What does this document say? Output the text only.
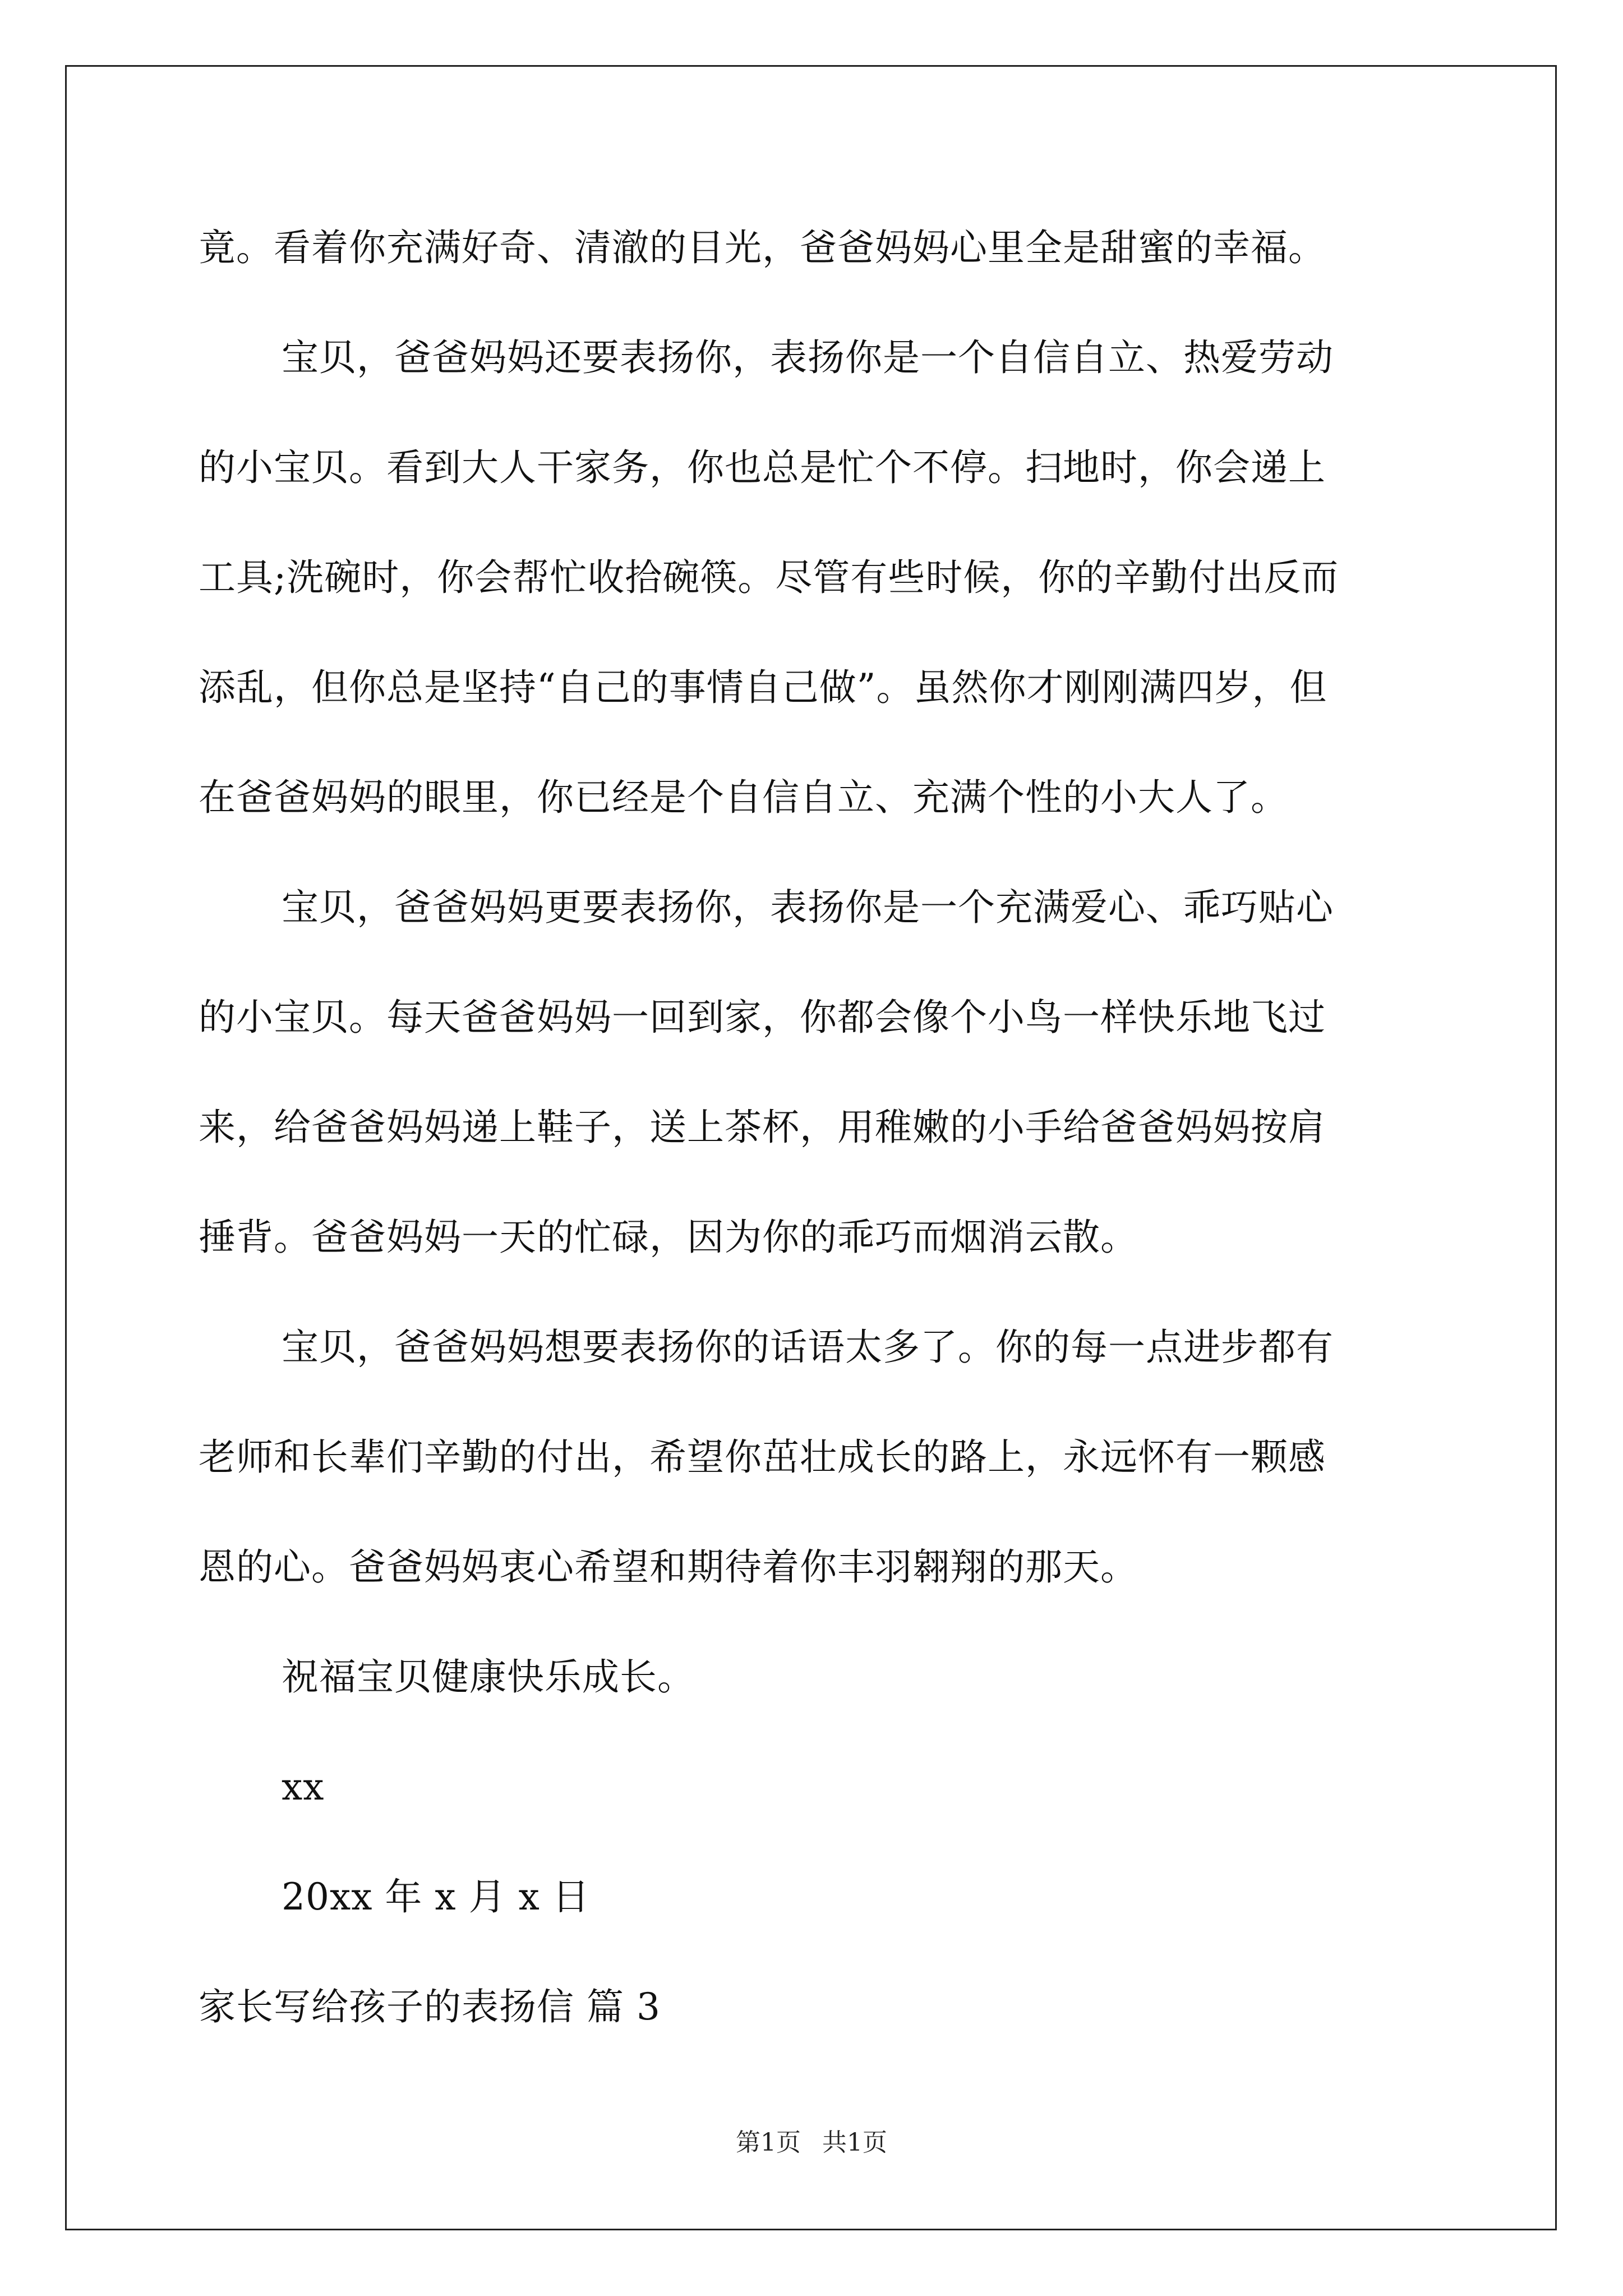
竟。看着你充满好奇、清澈的目光，爸爸妈妈心里全是甜蜜的幸福。
宝贝，爸爸妈妈还要表扬你，表扬你是一个自信自立、热爱劳动
的小宝贝。看到大人干家务，你也总是忙个不停。扫地时，你会递上
工具;洗碗时，你会帮忙收拾碗筷。尽管有些时候，你的辛勤付出反而
添乱，但你总是坚持“自己的事情自己做”。虽然你才刚刚满四岁，但
在爸爸妈妈的眼里，你已经是个自信自立、充满个性的小大人了。
宝贝，爸爸妈妈更要表扬你，表扬你是一个充满爱心、乖巧贴心
的小宝贝。每天爸爸妈妈一回到家，你都会像个小鸟一样快乐地飞过
来，给爸爸妈妈递上鞋子，送上茶杯，用稚嫩的小手给爸爸妈妈按肩
捶背。爸爸妈妈一天的忙碌，因为你的乖巧而烟消云散。
宝贝，爸爸妈妈想要表扬你的话语太多了。你的每一点进步都有
老师和长辈们辛勤的付出，希望你茁壮成长的路上，永远怀有一颗感
恩的心。爸爸妈妈衷心希望和期待着你丰羽翱翔的那天。
祝福宝贝健康快乐成长。
xx
20xx 年 x 月 x 日
家长写给孩子的表扬信 篇 3
第1页 共1页
